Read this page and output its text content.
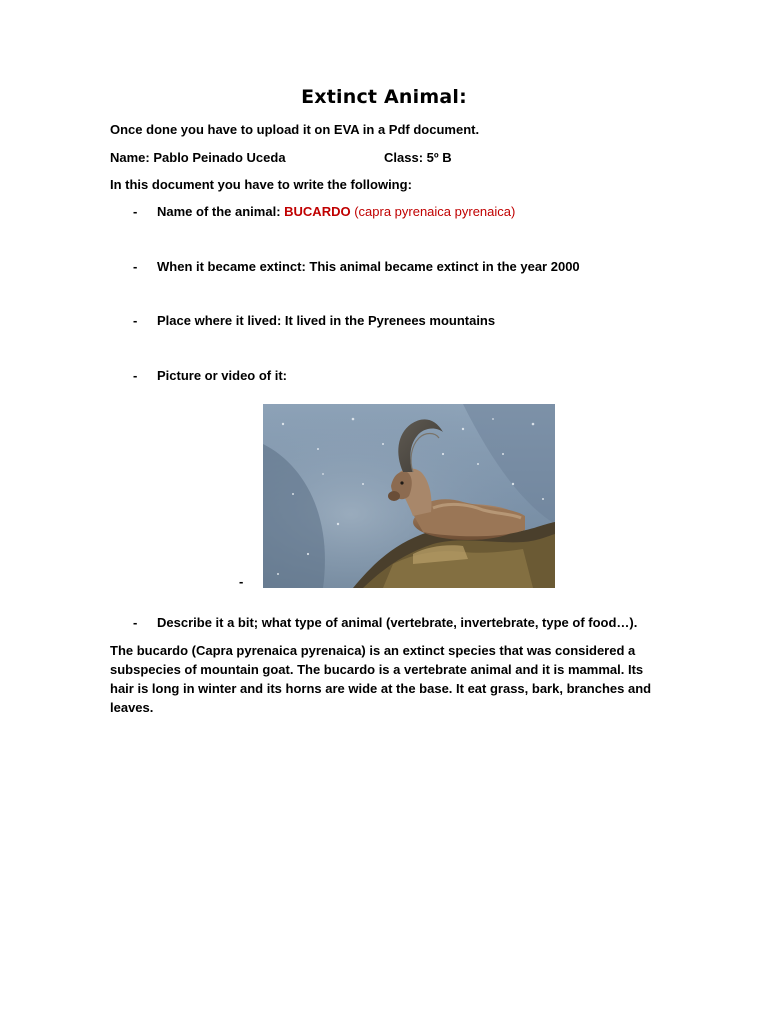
Extinct Animal:
Once done you have to upload it on EVA in a Pdf document.
Name: Pablo Peinado Uceda	Class: 5º B
In this document you have to write the following:
- Name of the animal: BUCARDO (capra pyrenaica pyrenaica)
- When it became extinct: This animal became extinct in the year 2000
- Place where it lived: It lived in the Pyrenees mountains
- Picture or video of it:
-
- Describe it a bit; what type of animal (vertebrate, invertebrate, type of food…).
The bucardo (Capra pyrenaica pyrenaica) is an extinct species that was considered a subspecies of mountain goat. The bucardo is a vertebrate animal and it is mammal. Its hair is long in winter and its horns are wide at the base. It eat grass, bark, branches and leaves.
